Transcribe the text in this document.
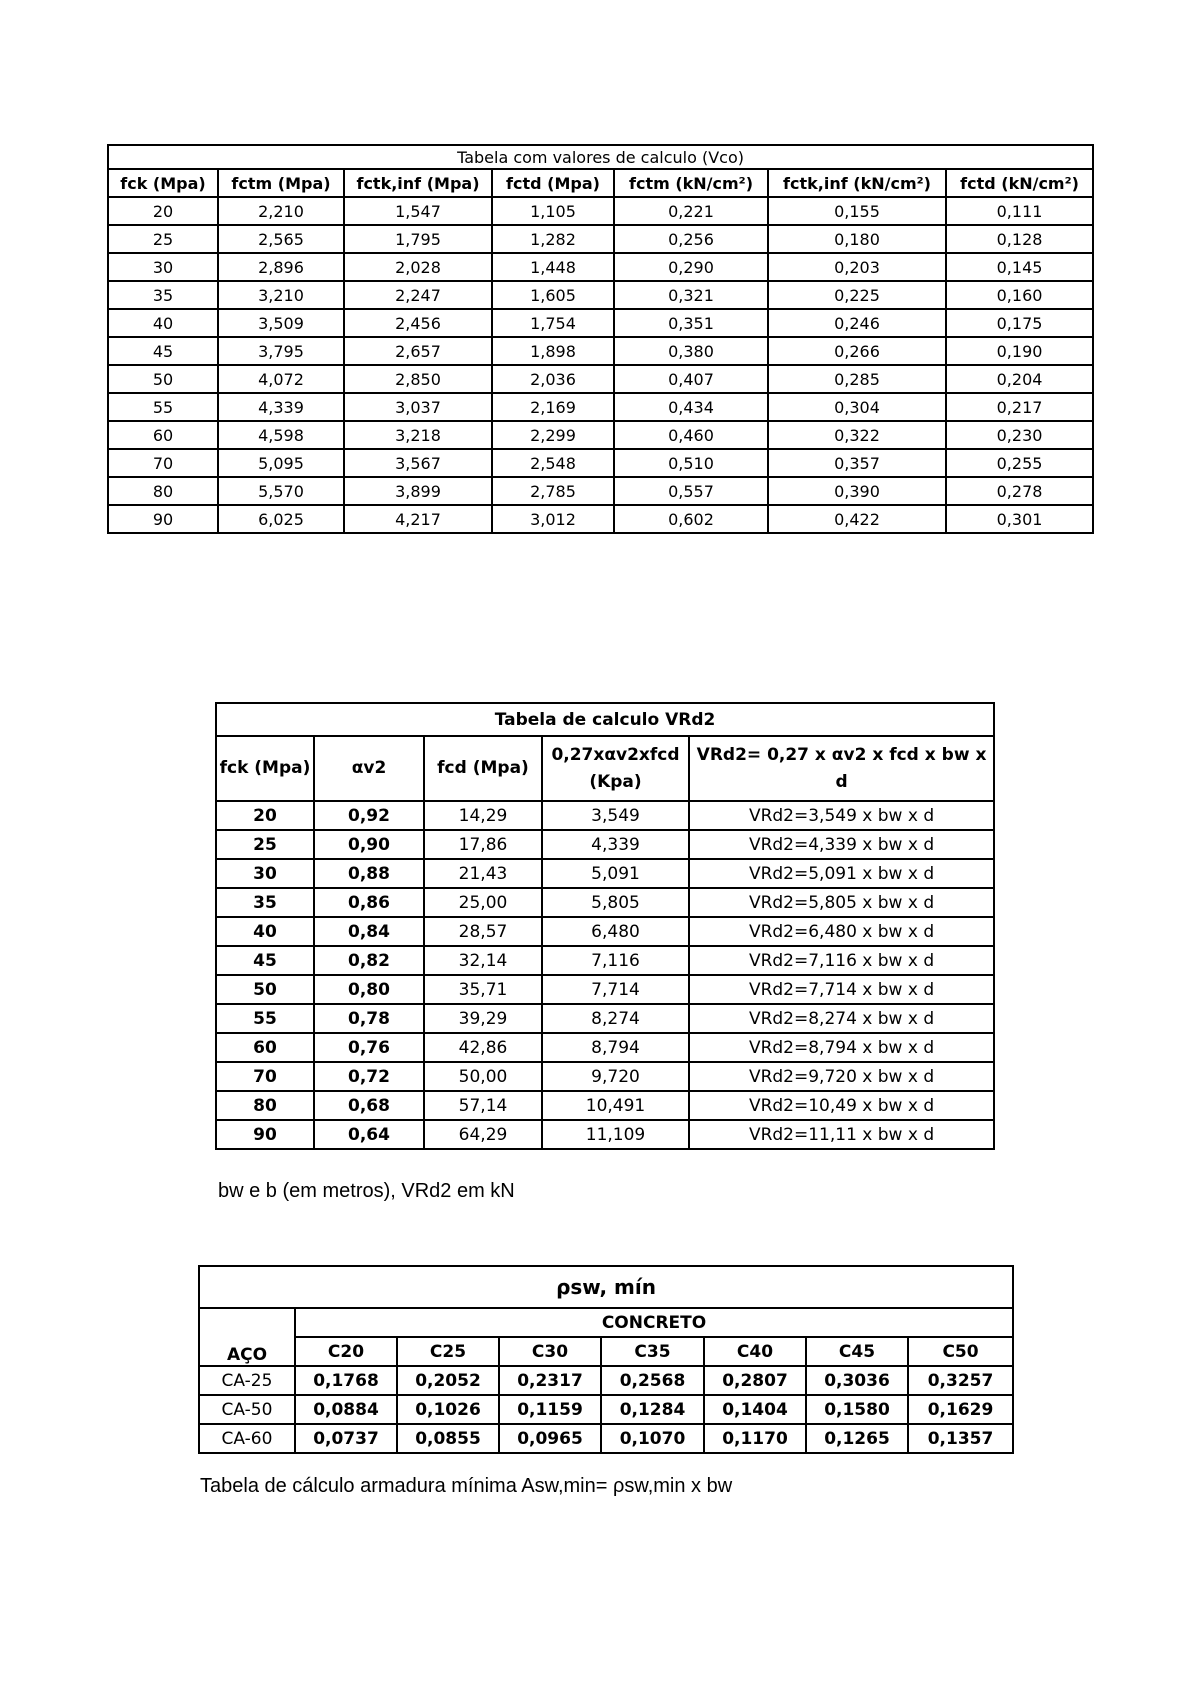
Tabela com valores de calculo (Vco)						
fck (Mpa)	fctm (Mpa)	fctk,inf (Mpa)	fctd (Mpa)	fctm (kN/cm²)	fctk,inf (kN/cm²)	fctd (kN/cm²)
20	2,210	1,547	1,105	0,221	0,155	0,111
25	2,565	1,795	1,282	0,256	0,180	0,128
30	2,896	2,028	1,448	0,290	0,203	0,145
35	3,210	2,247	1,605	0,321	0,225	0,160
40	3,509	2,456	1,754	0,351	0,246	0,175
45	3,795	2,657	1,898	0,380	0,266	0,190
50	4,072	2,850	2,036	0,407	0,285	0,204
55	4,339	3,037	2,169	0,434	0,304	0,217
60	4,598	3,218	2,299	0,460	0,322	0,230
70	5,095	3,567	2,548	0,510	0,357	0,255
80	5,570	3,899	2,785	0,557	0,390	0,278
90	6,025	4,217	3,012	0,602	0,422	0,301
Tabela de calculo VRd2				
fck (Mpa)	αv2	fcd (Mpa)	0,27xαv2xfcd (Kpa)	VRd2= 0,27 x αv2 x fcd x bw x d
20	0,92	14,29	3,549	VRd2=3,549 x bw x d
25	0,90	17,86	4,339	VRd2=4,339 x bw x d
30	0,88	21,43	5,091	VRd2=5,091 x bw x d
35	0,86	25,00	5,805	VRd2=5,805 x bw x d
40	0,84	28,57	6,480	VRd2=6,480 x bw x d
45	0,82	32,14	7,116	VRd2=7,116 x bw x d
50	0,80	35,71	7,714	VRd2=7,714 x bw x d
55	0,78	39,29	8,274	VRd2=8,274 x bw x d
60	0,76	42,86	8,794	VRd2=8,794 x bw x d
70	0,72	50,00	9,720	VRd2=9,720 x bw x d
80	0,68	57,14	10,491	VRd2=10,49 x bw x d
90	0,64	64,29	11,109	VRd2=11,11 x bw x d
bw e b (em metros), VRd2 em kN
ρsw, mín							
AÇO	CONCRETO						
	C20	C25	C30	C35	C40	C45	C50
CA-25	0,1768	0,2052	0,2317	0,2568	0,2807	0,3036	0,3257
CA-50	0,0884	0,1026	0,1159	0,1284	0,1404	0,1580	0,1629
CA-60	0,0737	0,0855	0,0965	0,1070	0,1170	0,1265	0,1357
Tabela de cálculo armadura mínima Asw,min= ρsw,min x bw
